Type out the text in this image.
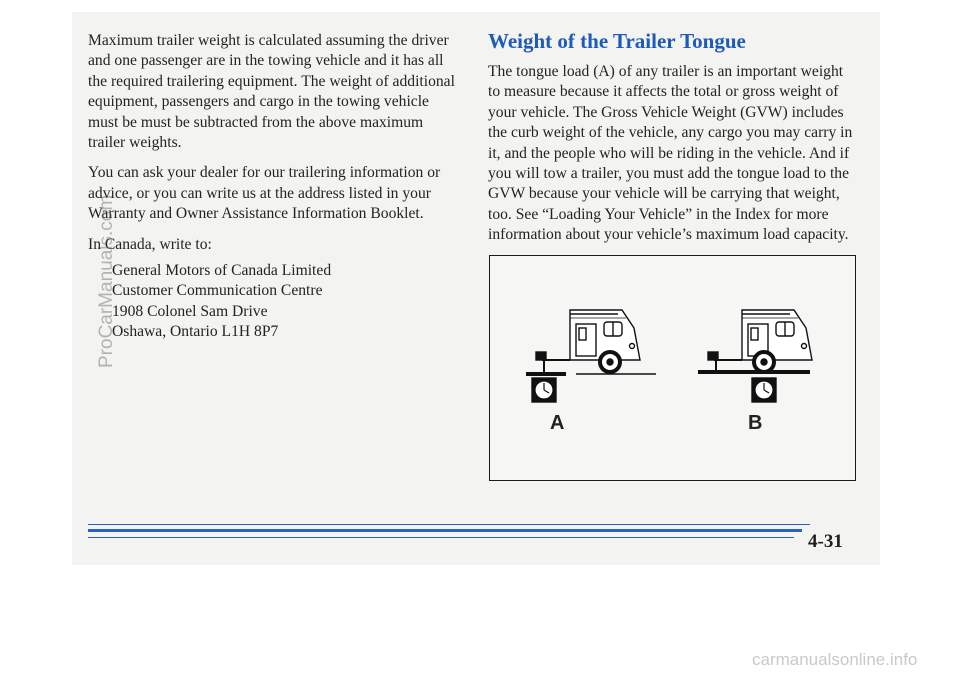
Maximum trailer weight is calculated assuming the driver and one passenger are in the towing vehicle and it has all the required trailering equipment. The weight of additional equipment, passengers and cargo in the towing vehicle must be must be subtracted from the above maximum trailer weights.

You can ask your dealer for our trailering information or advice, or you can write us at the address listed in your Warranty and Owner Assistance Information Booklet.

In Canada, write to:

General Motors of Canada Limited
Customer Communication Centre
1908 Colonel Sam Drive
Oshawa, Ontario L1H 8P7
Weight of the Trailer Tongue

The tongue load (A) of any trailer is an important weight to measure because it affects the total or gross weight of your vehicle. The Gross Vehicle Weight (GVW) includes the curb weight of the vehicle, any cargo you may carry in it, and the people who will be riding in the vehicle. And if you will tow a trailer, you must add the tongue load to the GVW because your vehicle will be carrying that weight, too. See “Loading Your Vehicle” in the Index for more information about your vehicle’s maximum load capacity.

A	B
4-31
ProCarManuals.com
carmanualsonline.info
